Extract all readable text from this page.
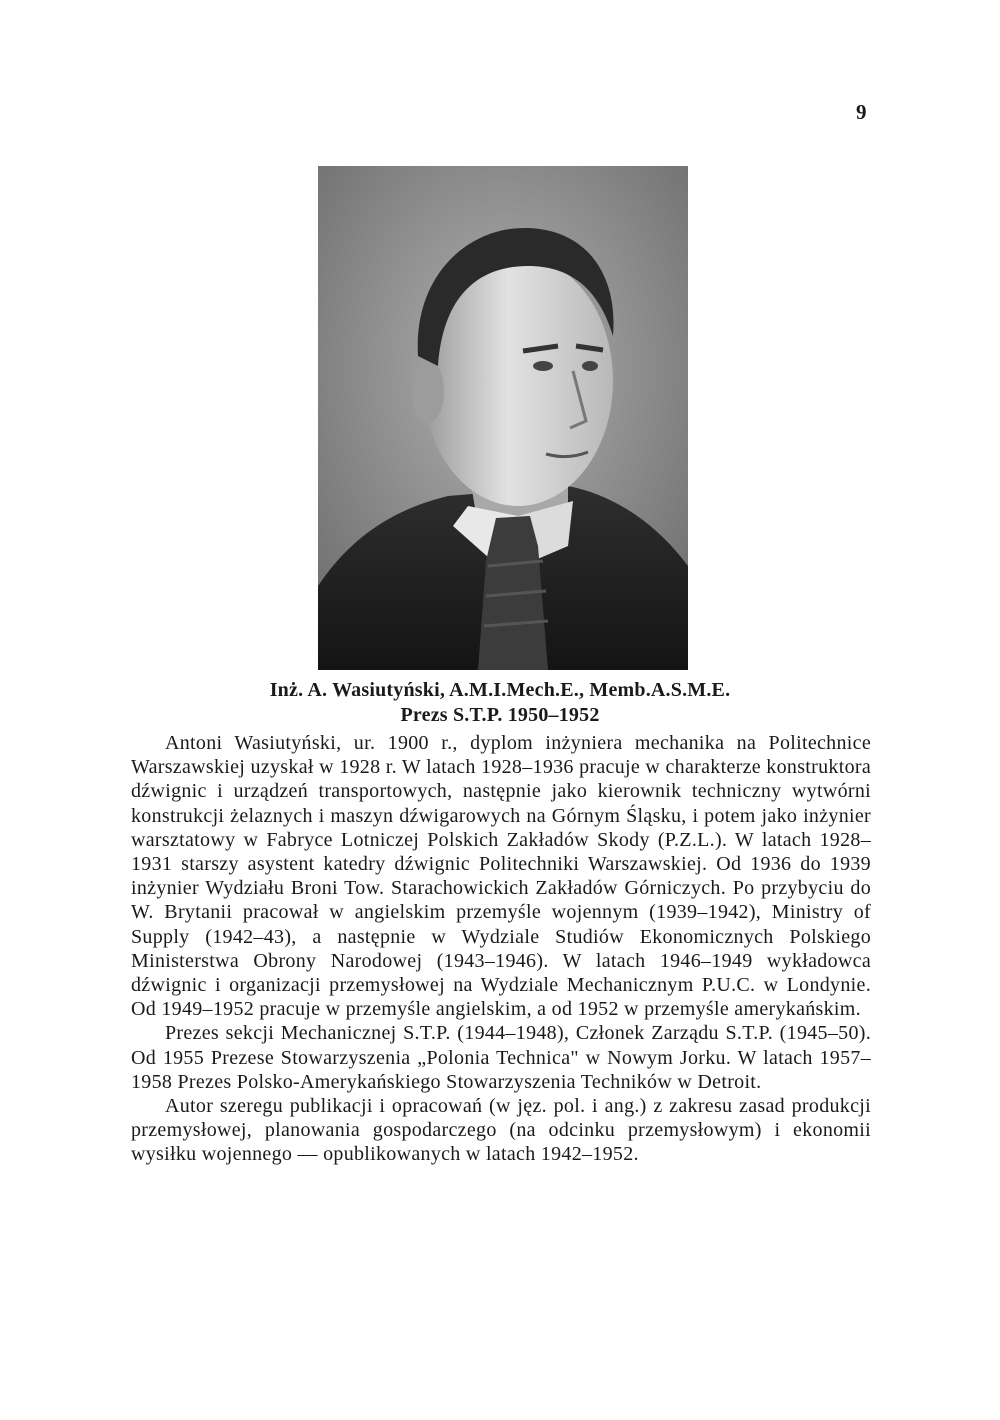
9
Inż. A. Wasiutyński, A.M.I.Mech.E., Memb.A.S.M.E.
Prezs S.T.P. 1950–1952

Antoni Wasiutyński, ur. 1900 r., dyplom inżyniera mechanika na Politechnice Warszawskiej uzyskał w 1928 r. W latach 1928–1936 pracuje w charakterze konstruktora dźwignic i urządzeń transportowych, następnie jako kierownik techniczny wytwórni konstrukcji żelaznych i maszyn dźwigarowych na Górnym Śląsku, i potem jako inżynier warsztatowy w Fabryce Lotniczej Polskich Zakładów Skody (P.Z.L.). W latach 1928–1931 starszy asystent katedry dźwignic Politechniki Warszawskiej. Od 1936 do 1939 inżynier Wydziału Broni Tow. Starachowickich Zakładów Górniczych. Po przybyciu do W. Brytanii pracował w angielskim przemyśle wojennym (1939–1942), Ministry of Supply (1942–43), a następnie w Wydziale Studiów Ekonomicznych Polskiego Ministerstwa Obrony Narodowej (1943–1946). W latach 1946–1949 wykładowca dźwignic i organizacji przemysłowej na Wydziale Mechanicznym P.U.C. w Londynie. Od 1949–1952 pracuje w przemyśle angielskim, a od 1952 w przemyśle amerykańskim.

Prezes sekcji Mechanicznej S.T.P. (1944–1948), Członek Zarządu S.T.P. (1945–50). Od 1955 Prezese Stowarzyszenia „Polonia Technica" w Nowym Jorku. W latach 1957–1958 Prezes Polsko-Amerykańskiego Stowarzyszenia Techników w Detroit.

Autor szeregu publikacji i opracowań (w jęz. pol. i ang.) z zakresu zasad produkcji przemysłowej, planowania gospodarczego (na odcinku przemysłowym) i ekonomii wysiłku wojennego — opublikowanych w latach 1942–1952.
